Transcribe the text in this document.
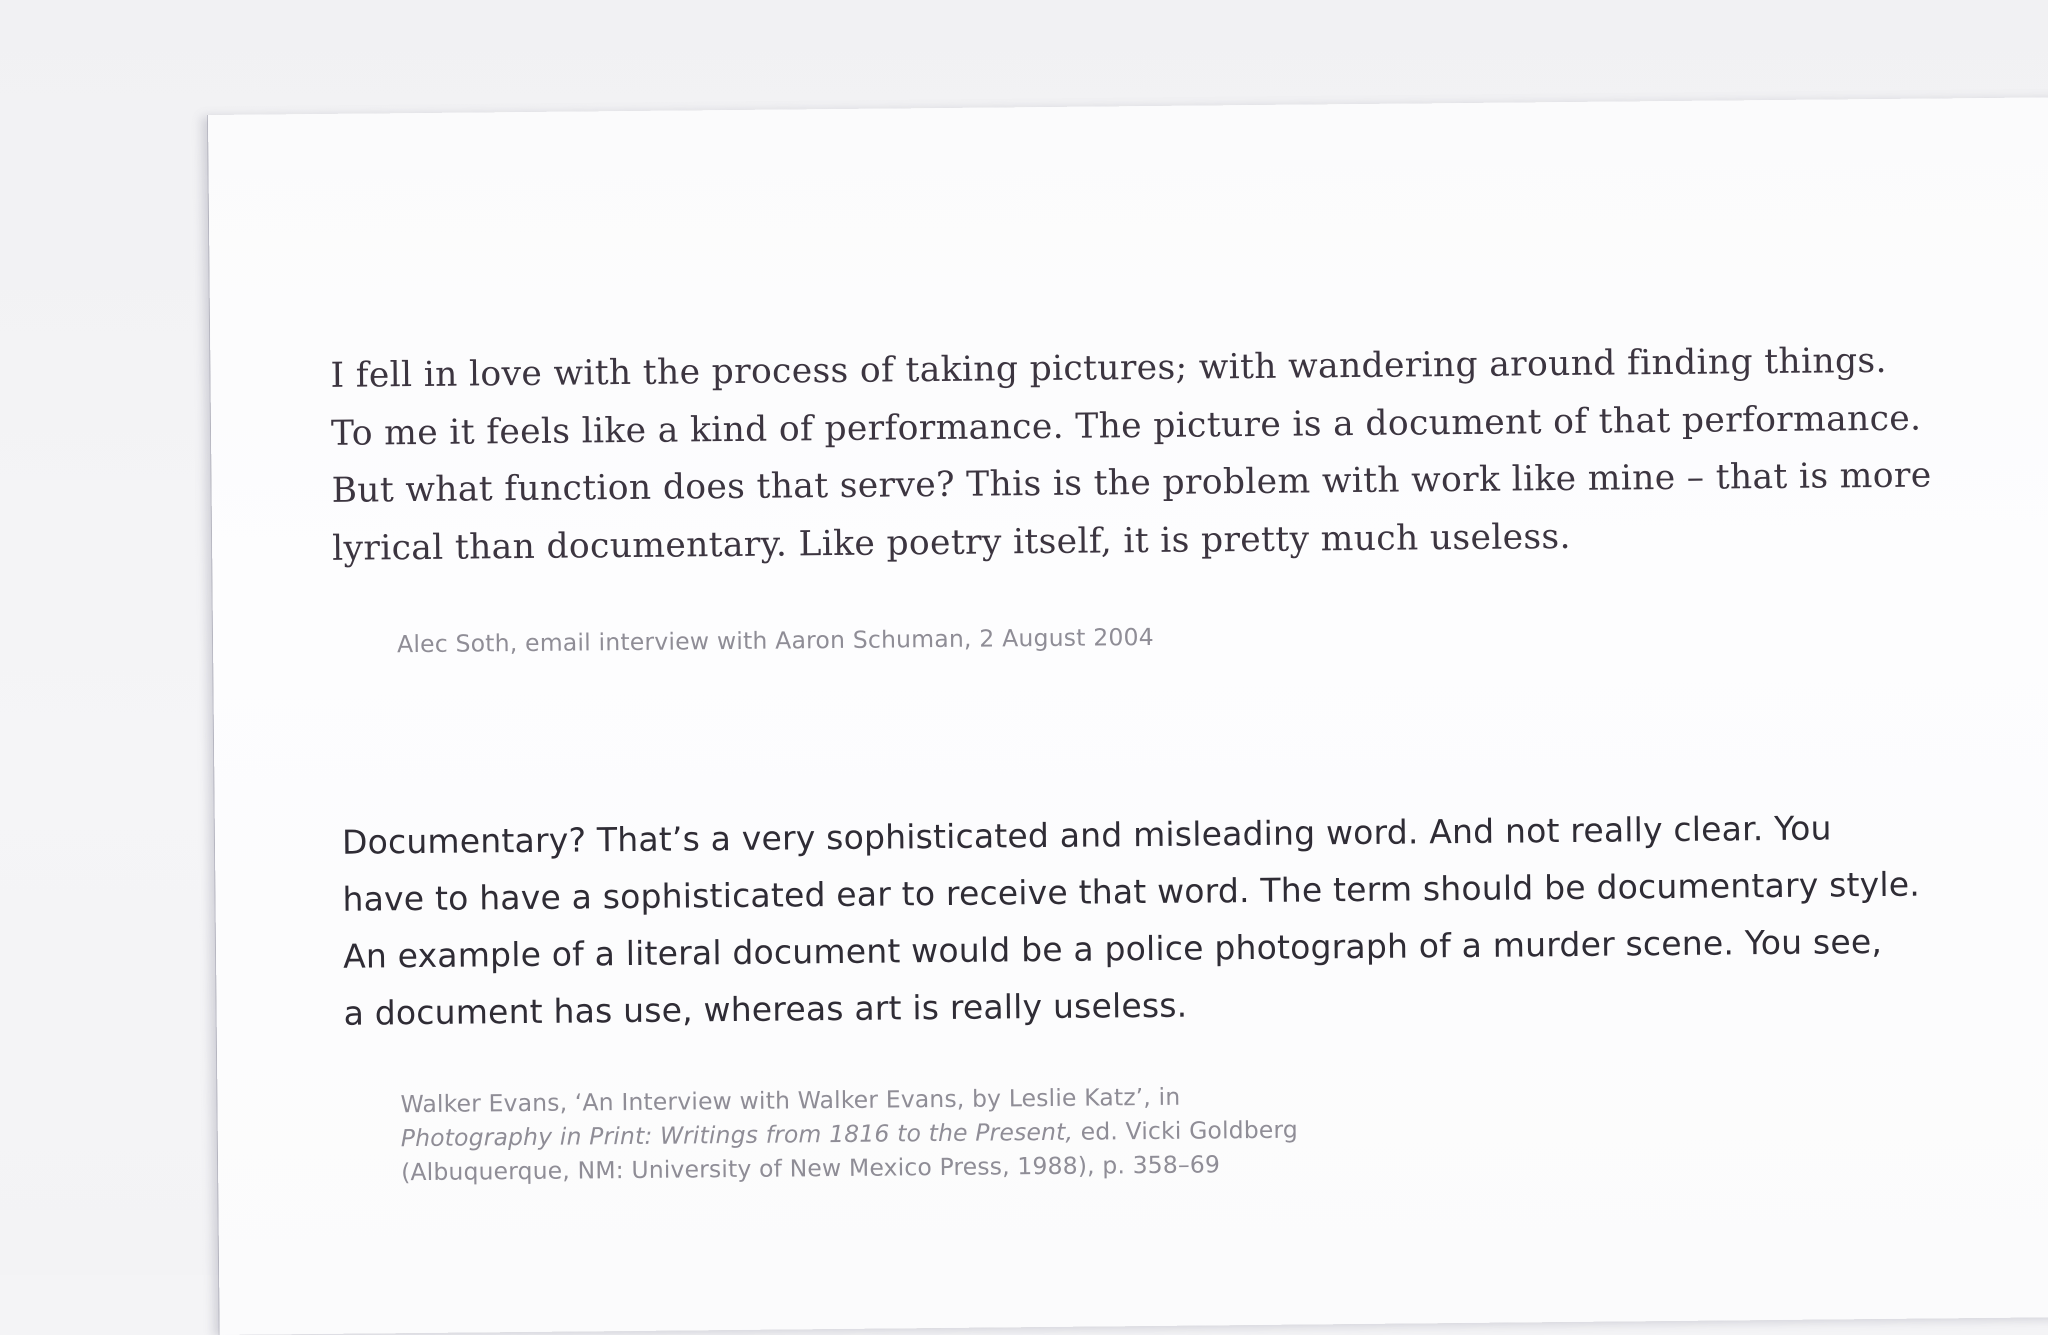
I fell in love with the process of taking pictures; with wandering around finding things.
To me it feels like a kind of performance. The picture is a document of that performance.
But what function does that serve? This is the problem with work like mine – that is more
lyrical than documentary. Like poetry itself, it is pretty much useless.

Alec Soth, email interview with Aaron Schuman, 2 August 2004

Documentary? That’s a very sophisticated and misleading word. And not really clear. You
have to have a sophisticated ear to receive that word. The term should be documentary style.
An example of a literal document would be a police photograph of a murder scene. You see,
a document has use, whereas art is really useless.

Walker Evans, ‘An Interview with Walker Evans, by Leslie Katz’, in
Photography in Print: Writings from 1816 to the Present, ed. Vicki Goldberg
(Albuquerque, NM: University of New Mexico Press, 1988), p. 358–69
